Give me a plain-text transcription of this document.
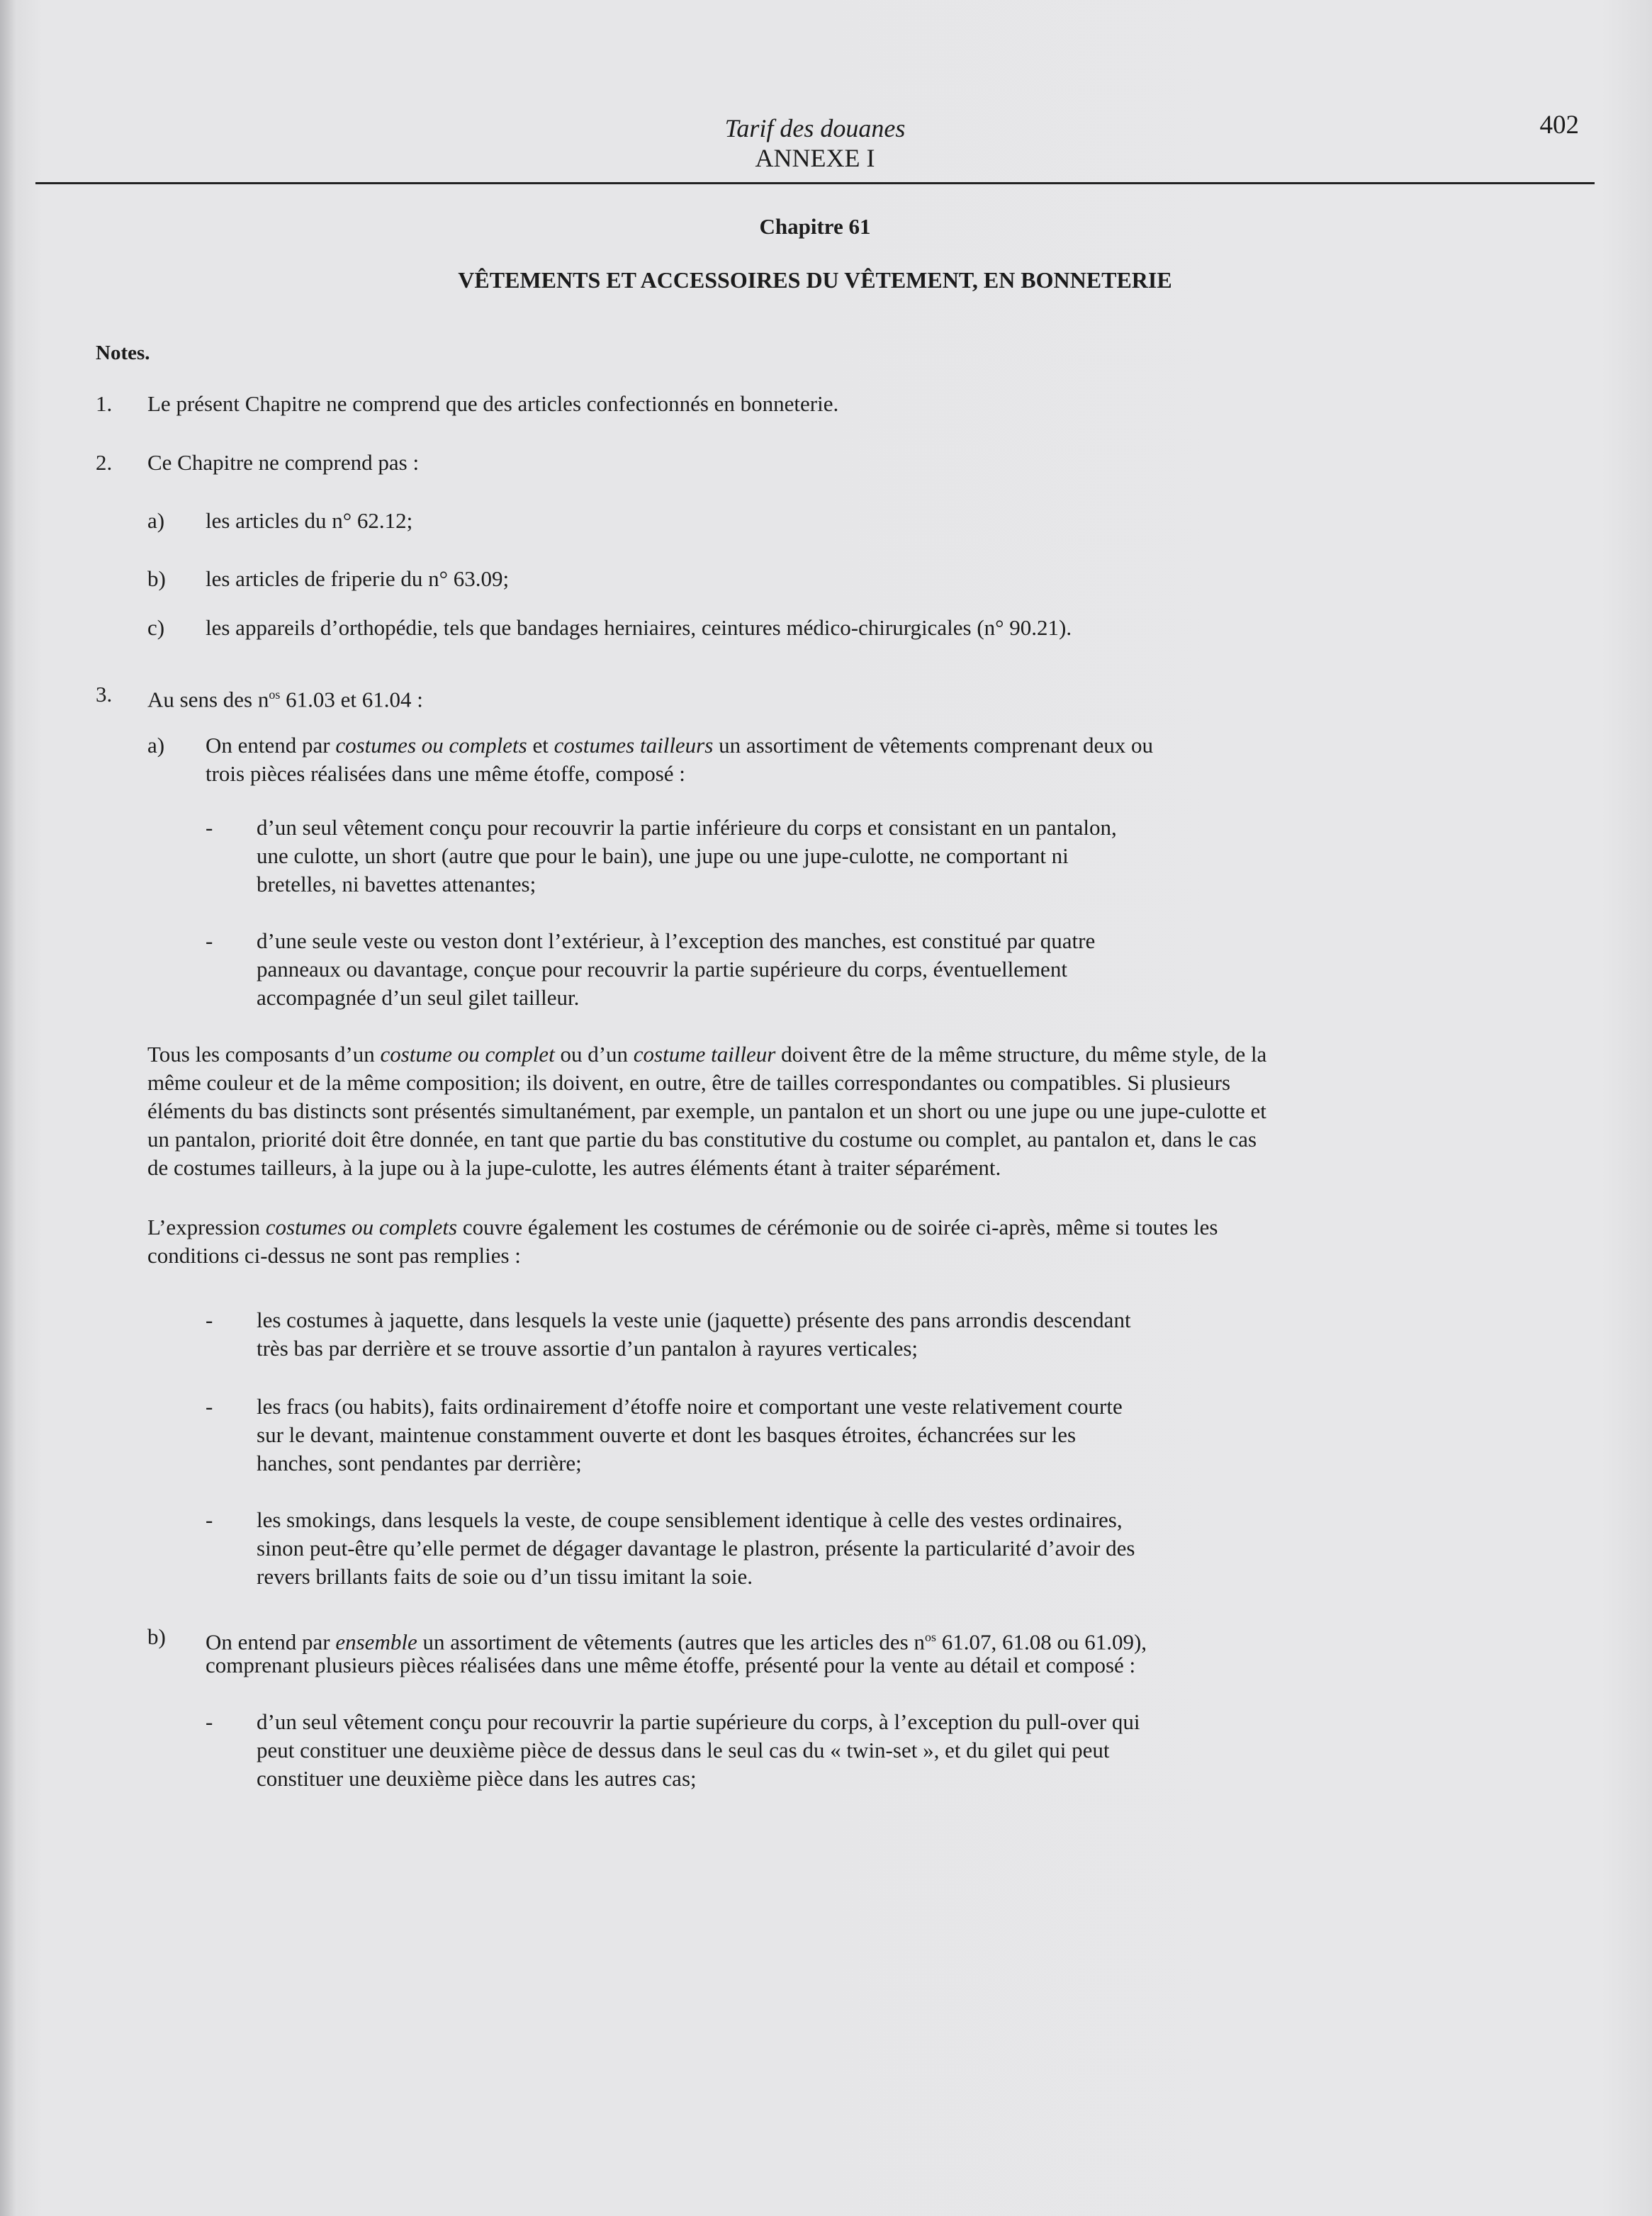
Tarif des douanes
ANNEXE I
402
Chapitre 61
VÊTEMENTS ET ACCESSOIRES DU VÊTEMENT, EN BONNETERIE
Notes.
1. Le présent Chapitre ne comprend que des articles confectionnés en bonneterie.
2. Ce Chapitre ne comprend pas :
a) les articles du n° 62.12;
b) les articles de friperie du n° 63.09;
c) les appareils d’orthopédie, tels que bandages herniaires, ceintures médico-chirurgicales (n° 90.21).
3. Au sens des $n^{os}$ 61.03 et 61.04 :
a) On entend par costumes ou complets et costumes tailleurs un assortiment de vêtements comprenant deux ou
trois pièces réalisées dans une même étoffe, composé :
- d’un seul vêtement conçu pour recouvrir la partie inférieure du corps et consistant en un pantalon,
une culotte, un short (autre que pour le bain), une jupe ou une jupe-culotte, ne comportant ni
bretelles, ni bavettes attenantes;
- d’une seule veste ou veston dont l’extérieur, à l’exception des manches, est constitué par quatre
panneaux ou davantage, conçue pour recouvrir la partie supérieure du corps, éventuellement
accompagnée d’un seul gilet tailleur.
Tous les composants d’un costume ou complet ou d’un costume tailleur doivent être de la même structure, du même style, de la
même couleur et de la même composition; ils doivent, en outre, être de tailles correspondantes ou compatibles. Si plusieurs
éléments du bas distincts sont présentés simultanément, par exemple, un pantalon et un short ou une jupe ou une jupe-culotte et
un pantalon, priorité doit être donnée, en tant que partie du bas constitutive du costume ou complet, au pantalon et, dans le cas
de costumes tailleurs, à la jupe ou à la jupe-culotte, les autres éléments étant à traiter séparément.
L’expression costumes ou complets couvre également les costumes de cérémonie ou de soirée ci-après, même si toutes les
conditions ci-dessus ne sont pas remplies :
- les costumes à jaquette, dans lesquels la veste unie (jaquette) présente des pans arrondis descendant
très bas par derrière et se trouve assortie d’un pantalon à rayures verticales;
- les fracs (ou habits), faits ordinairement d’étoffe noire et comportant une veste relativement courte
sur le devant, maintenue constamment ouverte et dont les basques étroites, échancrées sur les
hanches, sont pendantes par derrière;
- les smokings, dans lesquels la veste, de coupe sensiblement identique à celle des vestes ordinaires,
sinon peut-être qu’elle permet de dégager davantage le plastron, présente la particularité d’avoir des
revers brillants faits de soie ou d’un tissu imitant la soie.
b) On entend par ensemble un assortiment de vêtements (autres que les articles des $n^{os}$ 61.07, 61.08 ou 61.09),
comprenant plusieurs pièces réalisées dans une même étoffe, présenté pour la vente au détail et composé :
- d’un seul vêtement conçu pour recouvrir la partie supérieure du corps, à l’exception du pull-over qui
peut constituer une deuxième pièce de dessus dans le seul cas du « twin-set », et du gilet qui peut
constituer une deuxième pièce dans les autres cas;
